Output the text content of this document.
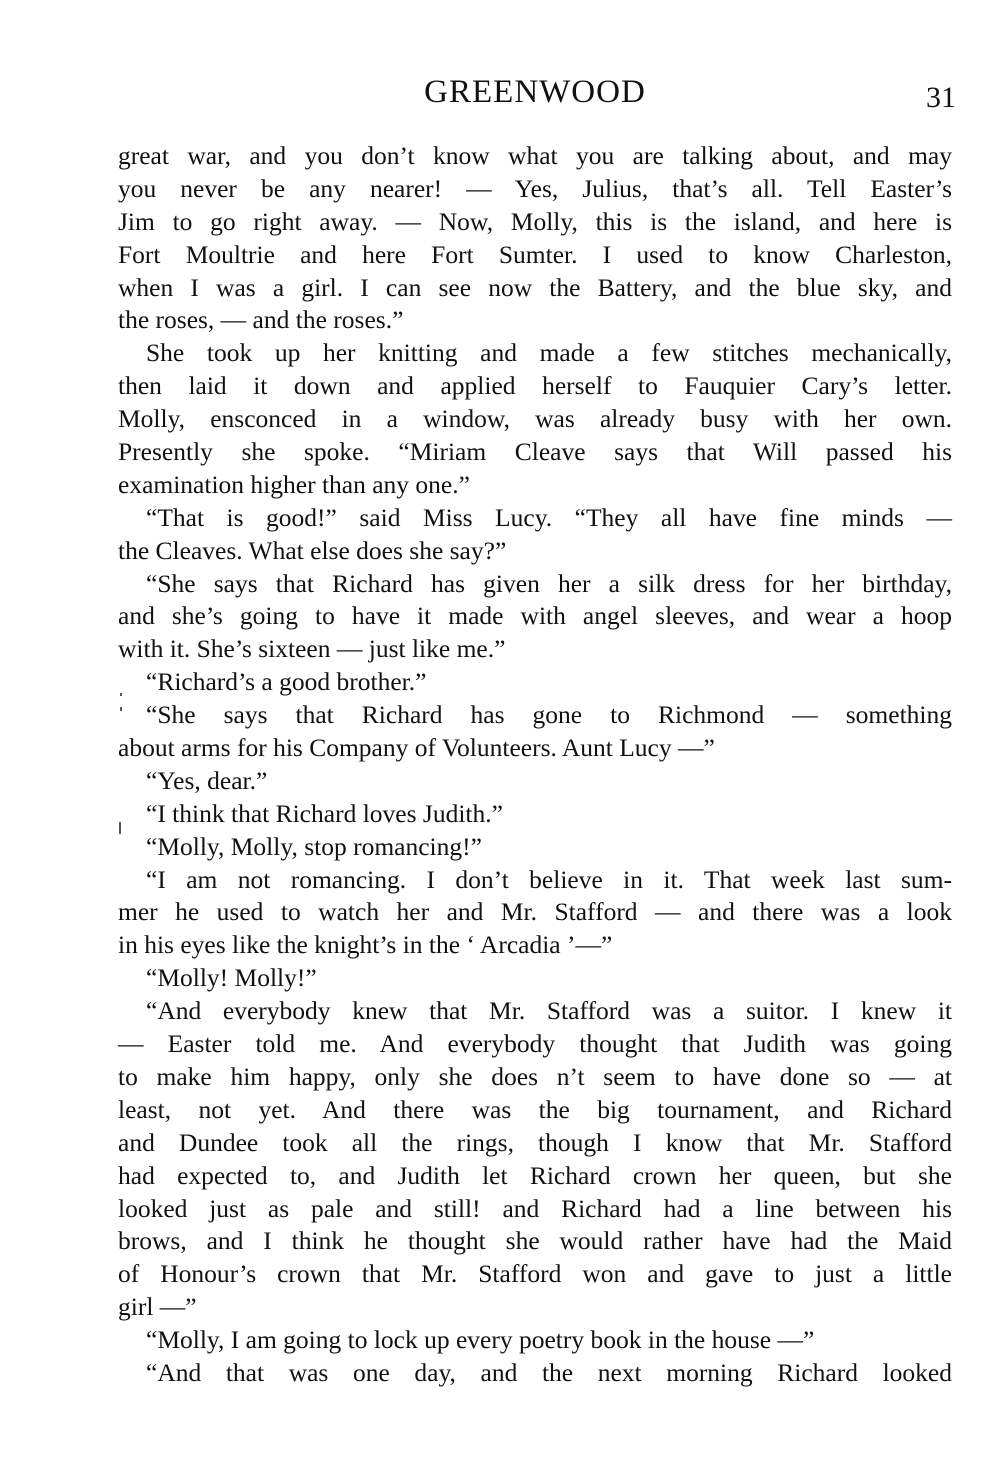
GREENWOOD	31
great war, and you don’t know what you are talking about, and may
you never be any nearer! — Yes, Julius, that’s all. Tell Easter’s
Jim to go right away. — Now, Molly, this is the island, and here is
Fort Moultrie and here Fort Sumter. I used to know Charleston,
when I was a girl. I can see now the Battery, and the blue sky, and
the roses, — and the roses.”
She took up her knitting and made a few stitches mechanically,
then laid it down and applied herself to Fauquier Cary’s letter.
Molly, ensconced in a window, was already busy with her own.
Presently she spoke. “Miriam Cleave says that Will passed his
examination higher than any one.”
“That is good!” said Miss Lucy. “They all have fine minds —
the Cleaves. What else does she say?”
“She says that Richard has given her a silk dress for her birthday,
and she’s going to have it made with angel sleeves, and wear a hoop
with it. She’s sixteen — just like me.”
“Richard’s a good brother.”
“She says that Richard has gone to Richmond — something
about arms for his Company of Volunteers. Aunt Lucy —”
“Yes, dear.”
“I think that Richard loves Judith.”
“Molly, Molly, stop romancing!”
“I am not romancing. I don’t believe in it. That week last sum-
mer he used to watch her and Mr. Stafford — and there was a look
in his eyes like the knight’s in the ‘ Arcadia ’—”
“Molly! Molly!”
“And everybody knew that Mr. Stafford was a suitor. I knew it
— Easter told me. And everybody thought that Judith was going
to make him happy, only she does n’t seem to have done so — at
least, not yet. And there was the big tournament, and Richard
and Dundee took all the rings, though I know that Mr. Stafford
had expected to, and Judith let Richard crown her queen, but she
looked just as pale and still! and Richard had a line between his
brows, and I think he thought she would rather have had the Maid
of Honour’s crown that Mr. Stafford won and gave to just a little
girl —”
“Molly, I am going to lock up every poetry book in the house —”
“And that was one day, and the next morning Richard looked
